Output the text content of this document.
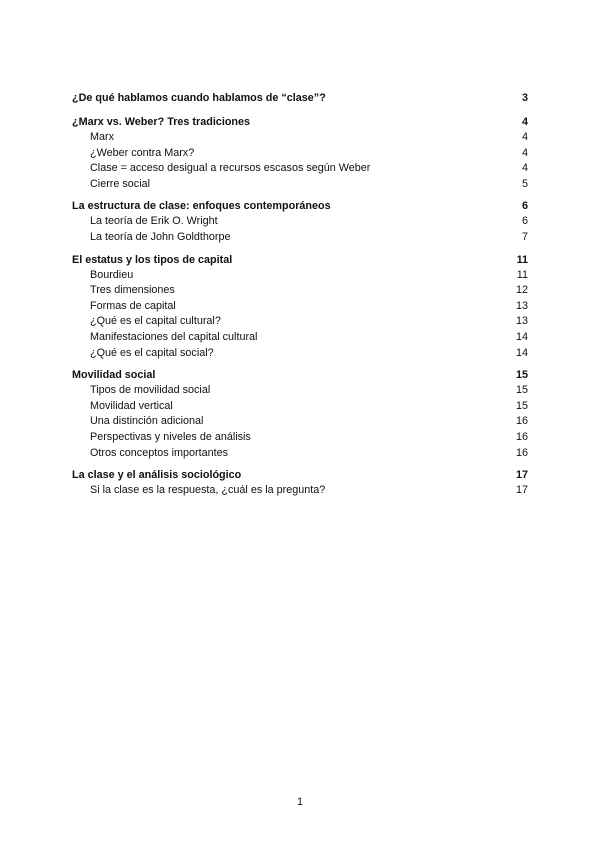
¿De qué hablamos cuando hablamos de “clase”?	3
¿Marx vs. Weber? Tres tradiciones	4
Marx	4
¿Weber contra Marx?	4
Clase = acceso desigual a recursos escasos según Weber	4
Cierre social	5
La estructura de clase: enfoques contemporáneos	6
La teoría de Erik O. Wright	6
La teoría de John Goldthorpe	7
El estatus y los tipos de capital	11
Bourdieu	11
Tres dimensiones	12
Formas de capital	13
¿Qué es el capital cultural?	13
Manifestaciones del capital cultural	14
¿Qué es el capital social?	14
Movilidad social	15
Tipos de movilidad social	15
Movilidad vertical	15
Una distinción adicional	16
Perspectivas y niveles de análisis	16
Otros conceptos importantes	16
La clase y el análisis sociológico	17
Si la clase es la respuesta, ¿cuál es la pregunta?	17
1
